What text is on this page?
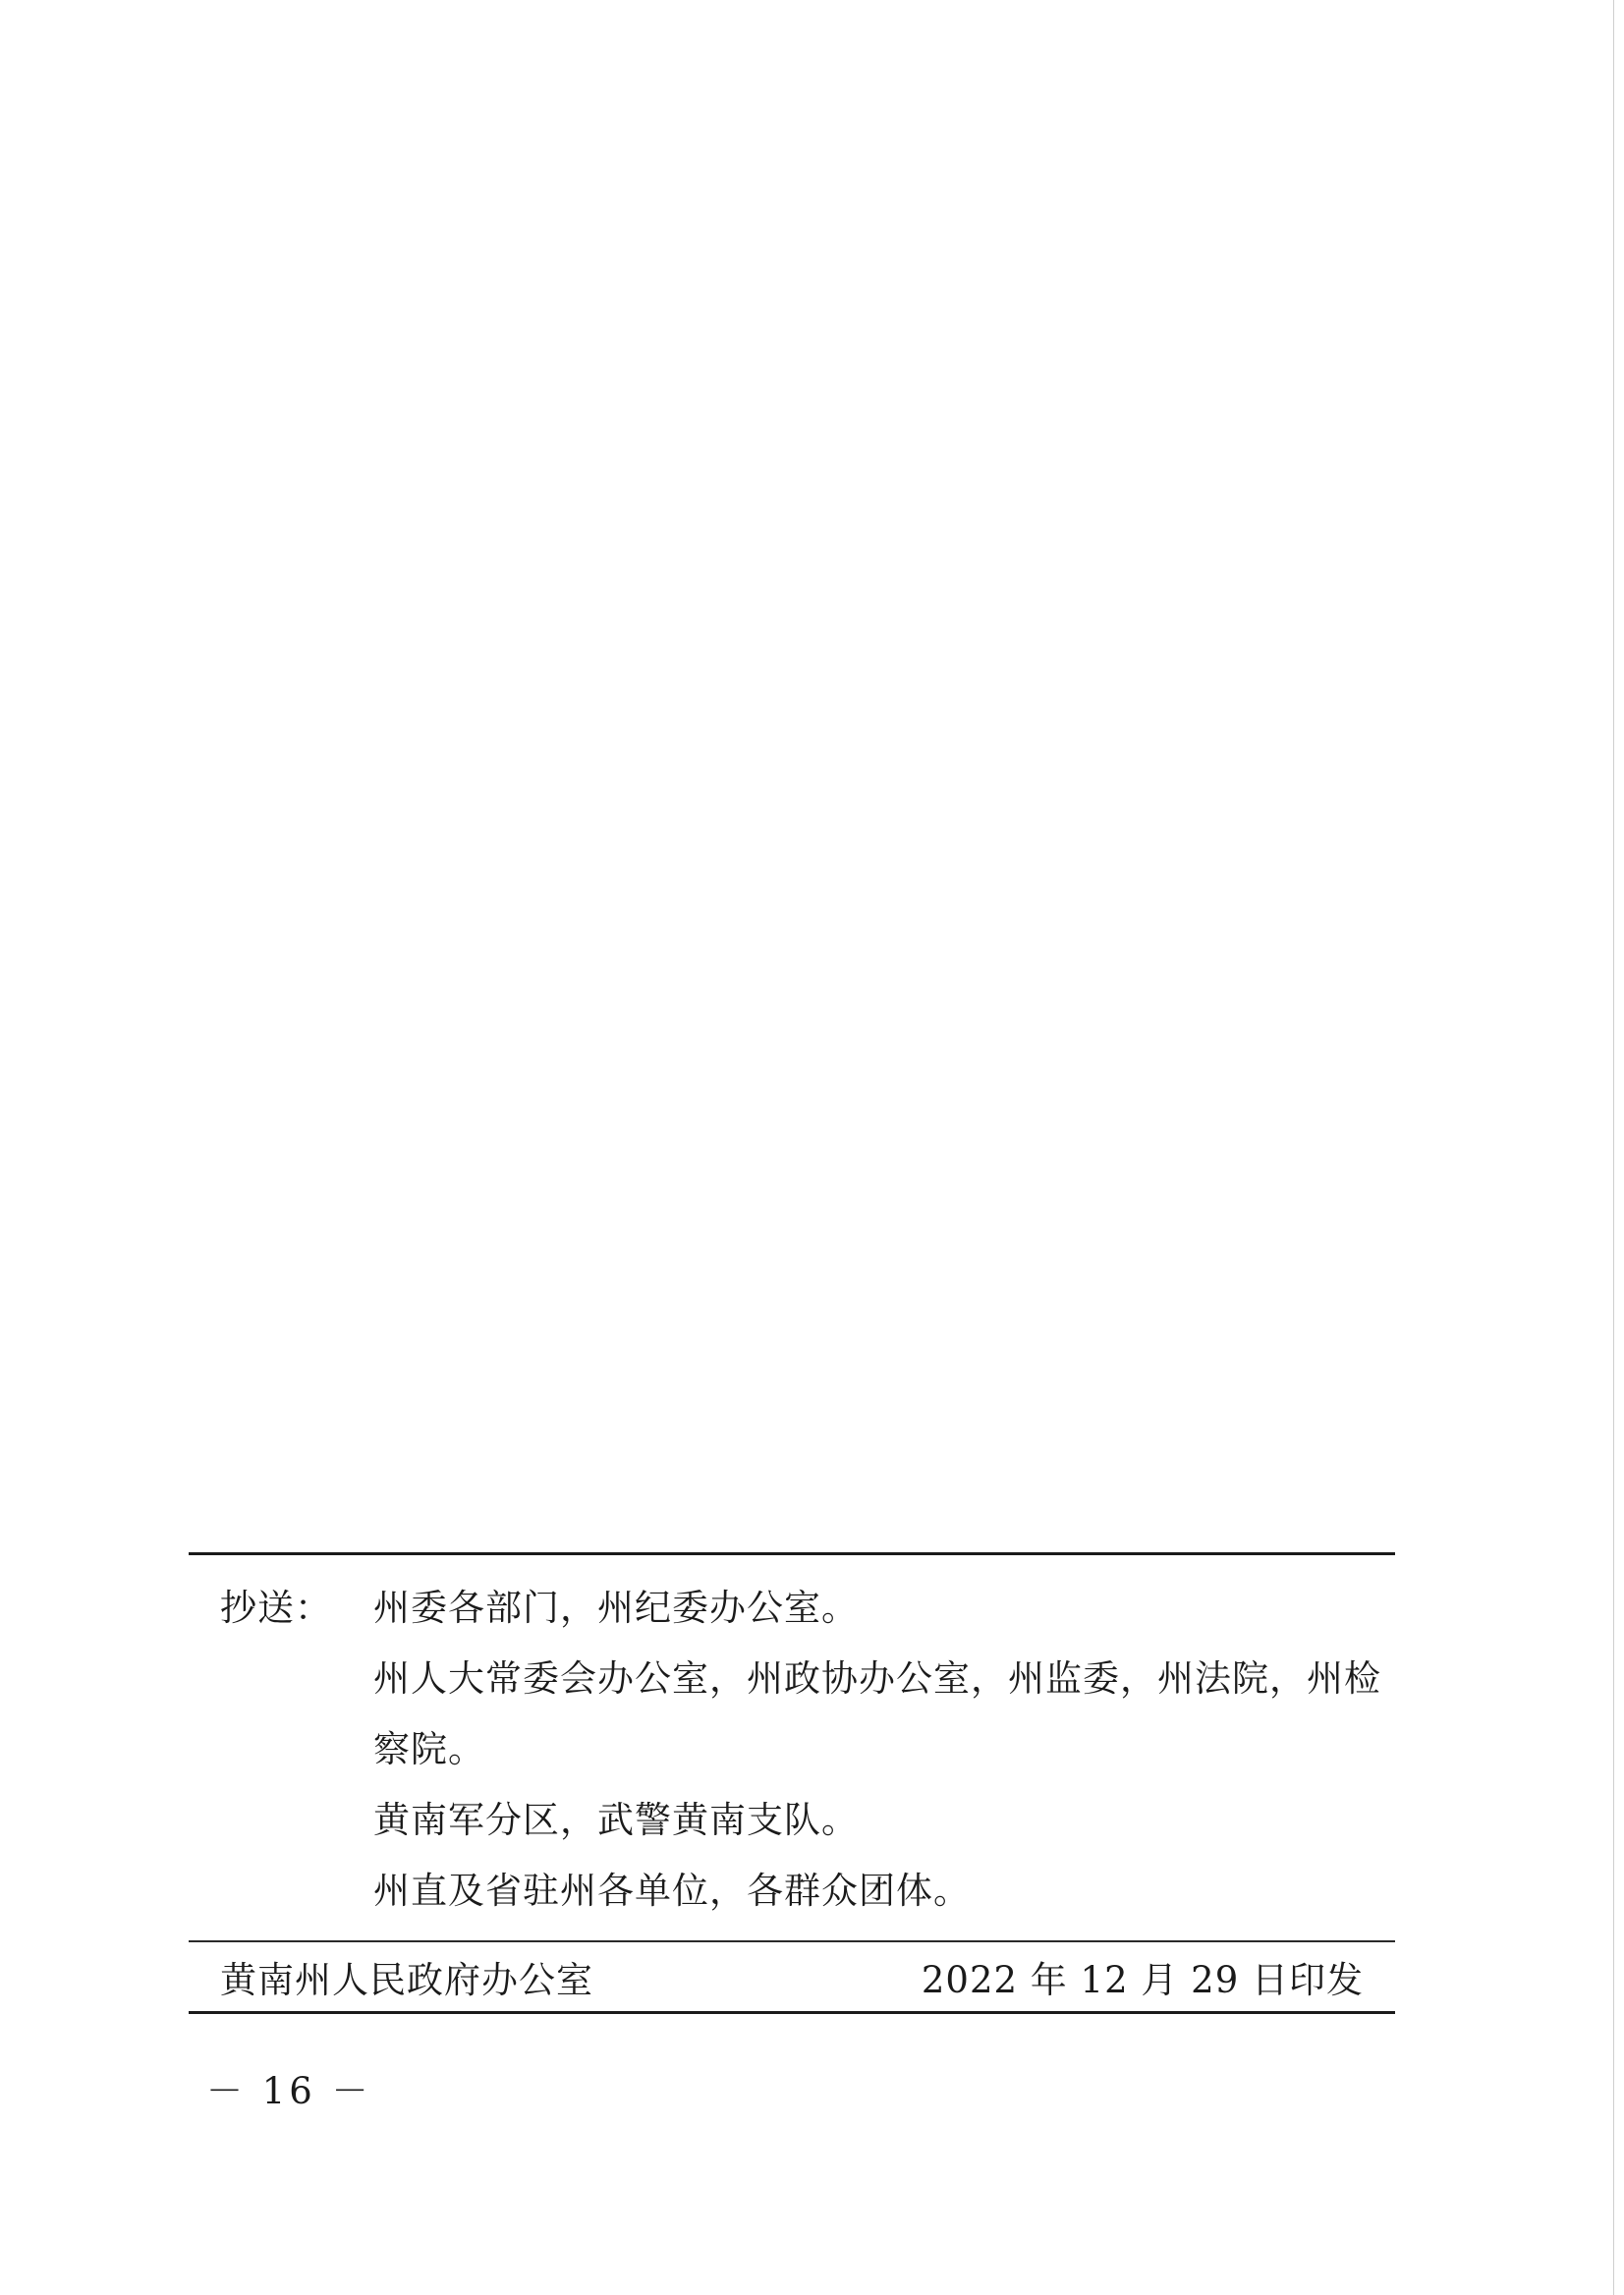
抄送：	州委各部门，州纪委办公室。
州人大常委会办公室，州政协办公室，州监委，州法院，州检
察院。
黄南军分区，武警黄南支队。
州直及省驻州各单位，各群众团体。
黄南州人民政府办公室	2022 年 12 月 29 日印发
－ 16 －
